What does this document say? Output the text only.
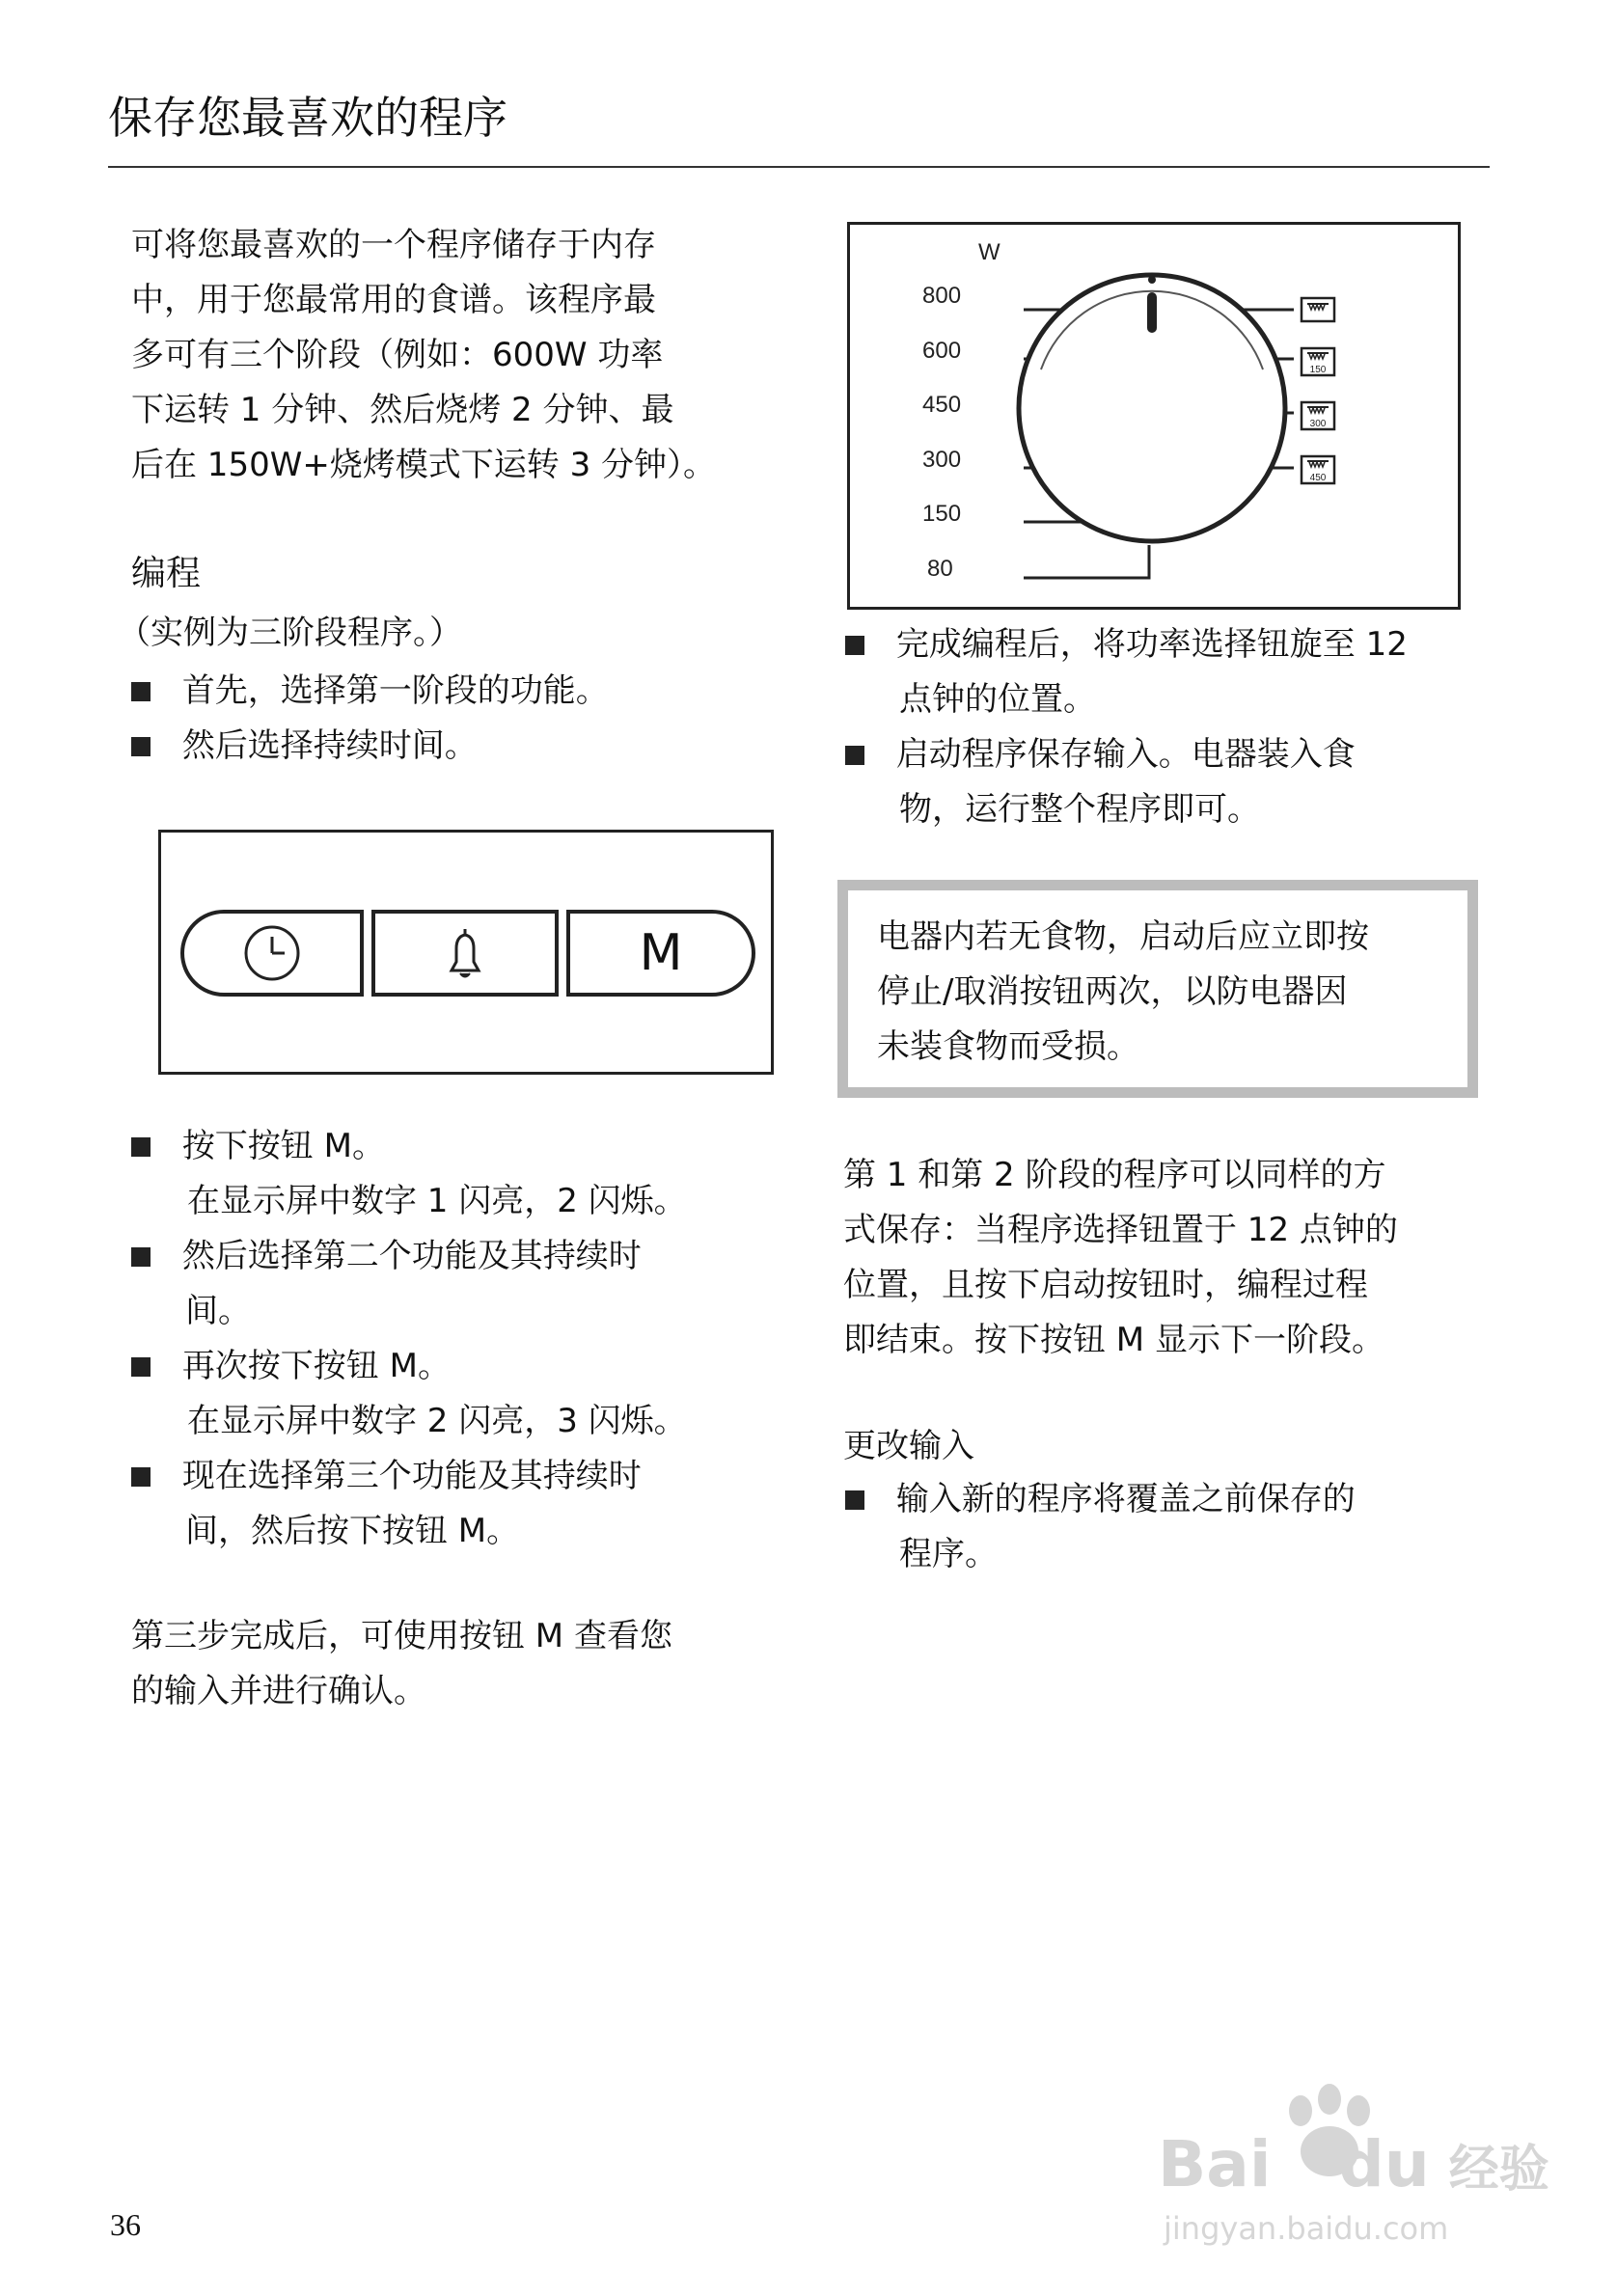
保存您最喜欢的程序
可将您最喜欢的一个程序储存于内存
中，用于您最常用的食谱。该程序最
多可有三个阶段（例如：600W 功率
下运转 1 分钟、然后烧烤 2 分钟、最
后在 150W+烧烤模式下运转 3 分钟）。
编程
（实例为三阶段程序。）
首先，选择第一阶段的功能。
然后选择持续时间。
M
按下按钮 M。
在显示屏中数字 1 闪亮，2 闪烁。
然后选择第二个功能及其持续时
间。
再次按下按钮 M。
在显示屏中数字 2 闪亮，3 闪烁。
现在选择第三个功能及其持续时
间，然后按下按钮 M。
第三步完成后，可使用按钮 M 查看您
的输入并进行确认。
W
800
600
450
300
150
80
150
300
450
完成编程后，将功率选择钮旋至 12
点钟的位置。
启动程序保存输入。电器装入食
物，运行整个程序即可。
电器内若无食物，启动后应立即按
停止/取消按钮两次，以防电器因
未装食物而受损。
第 1 和第 2 阶段的程序可以同样的方
式保存：当程序选择钮置于 12 点钟的
位置，且按下启动按钮时，编程过程
即结束。按下按钮 M 显示下一阶段。
更改输入
输入新的程序将覆盖之前保存的
程序。
Bai du 经验
jingyan.baidu.com
36
